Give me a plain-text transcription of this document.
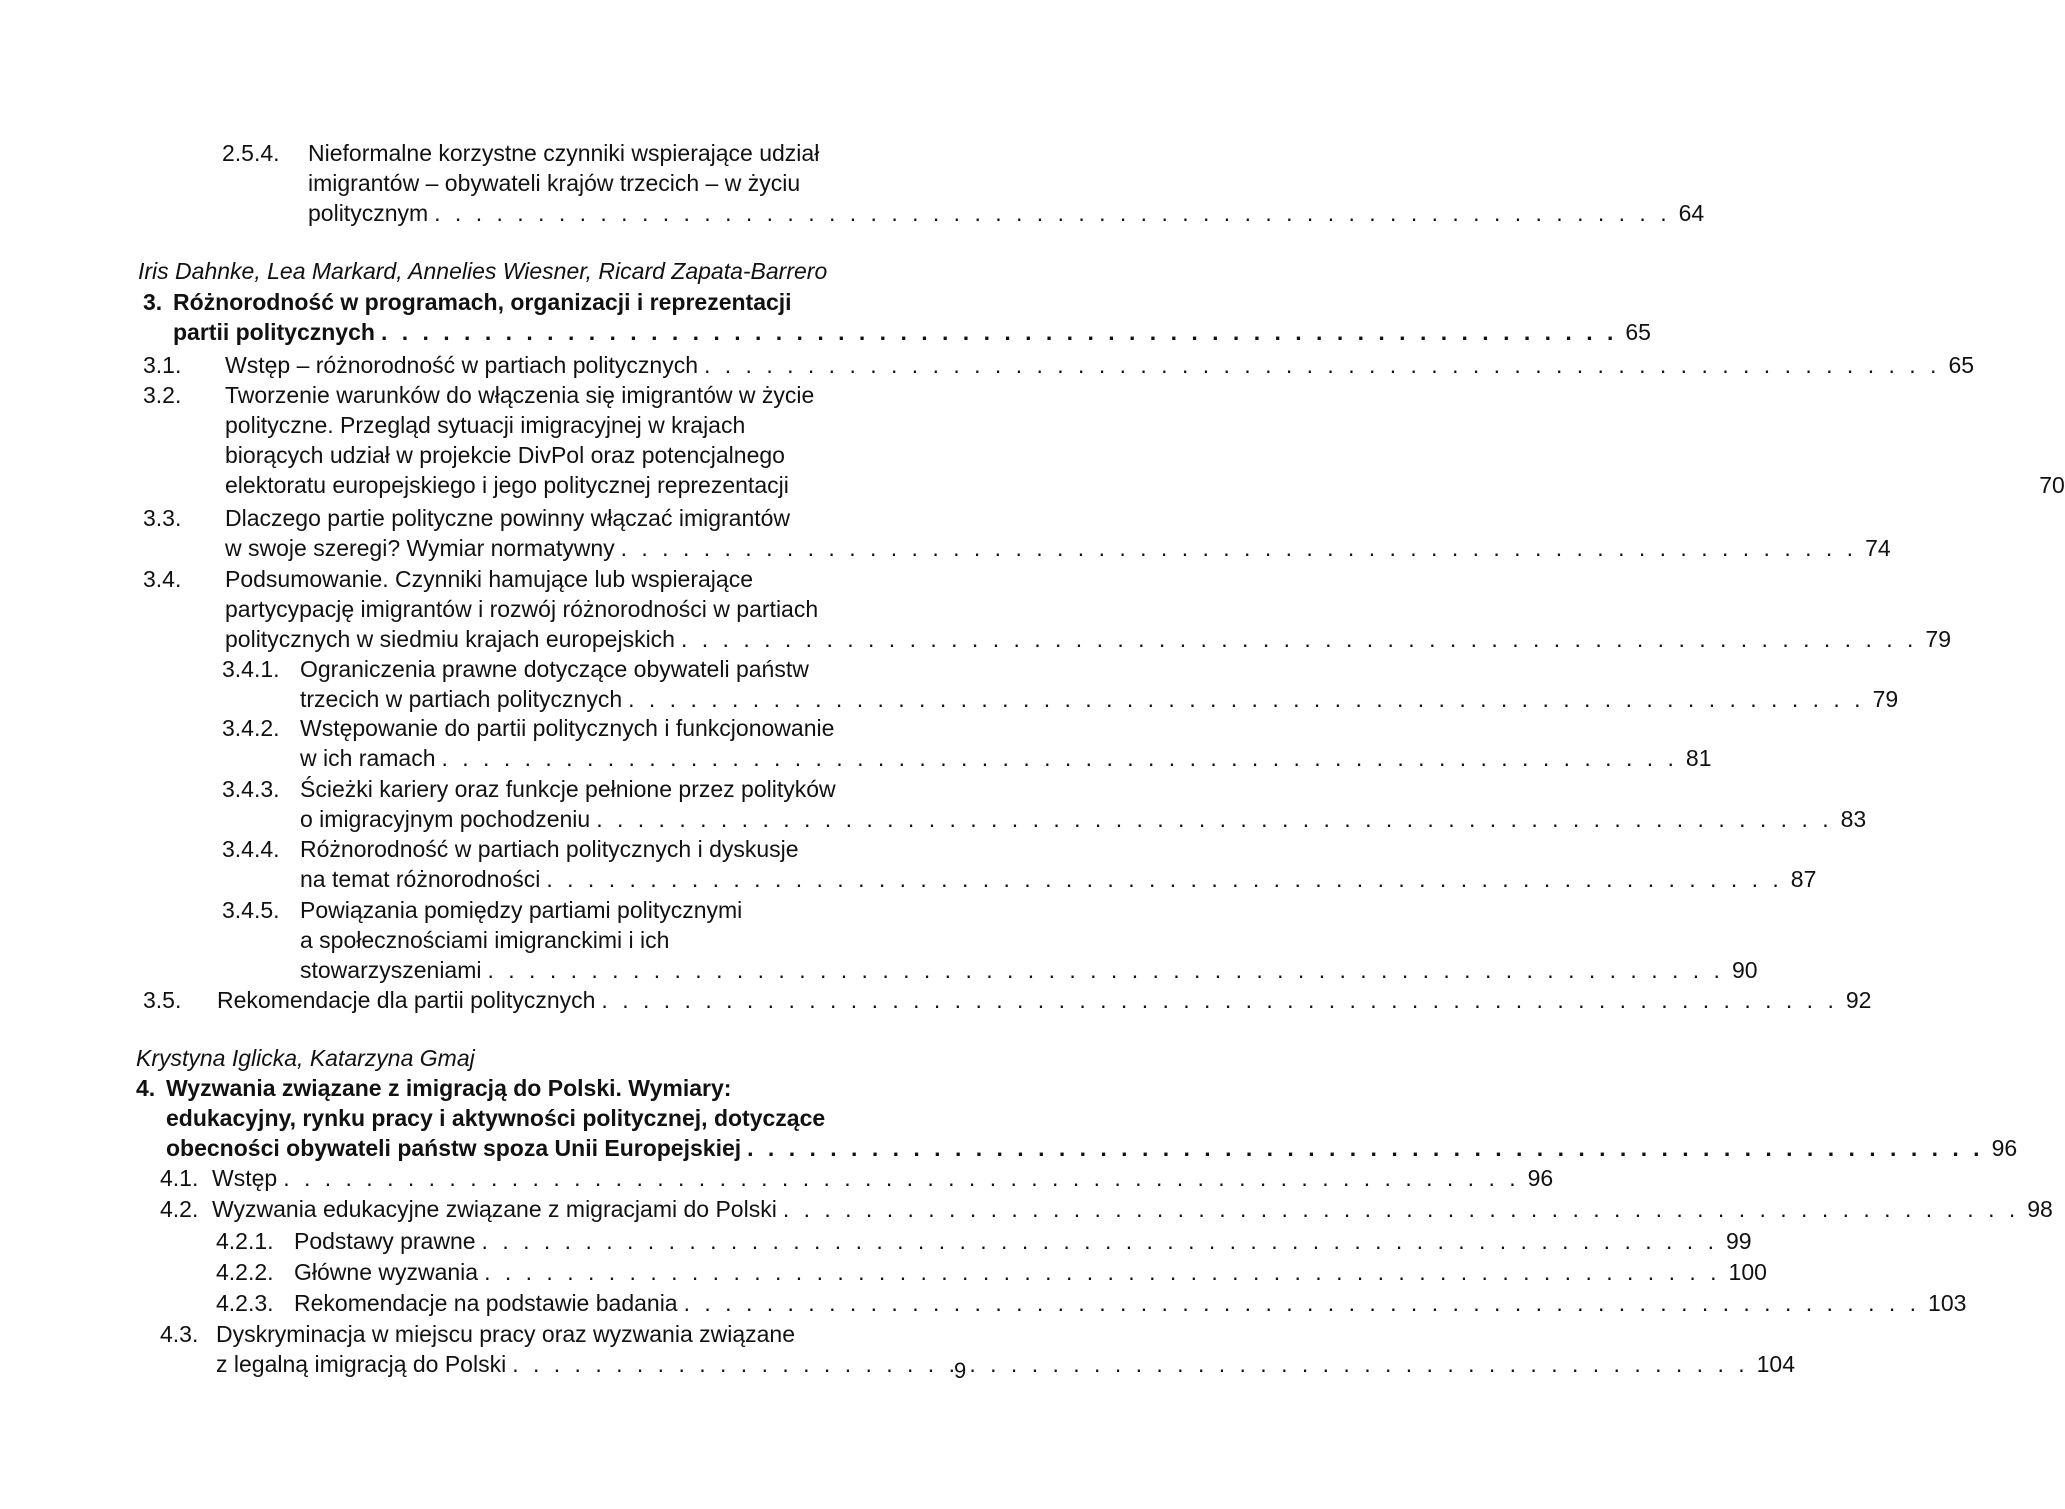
2.5.4.	Nieformalne korzystne czynniki wspierające udział
imigrantów – obywateli krajów trzecich – w życiu
politycznym . . .	64
Iris Dahnke, Lea Markard, Annelies Wiesner, Ricard Zapata-Barrero
3. Różnorodność w programach, organizacji i reprezentacji
partii politycznych . . .	65
3.1.	Wstęp – różnorodność w partiach politycznych . . .	65
3.2.	Tworzenie warunków do włączenia się imigrantów w życie
polityczne. Przegląd sytuacji imigracyjnej w krajach
biorących udział w projekcie DivPol oraz potencjalnego
elektoratu europejskiego i jego politycznej reprezentacji	70
3.3.	Dlaczego partie polityczne powinny włączać imigrantów
w swoje szeregi? Wymiar normatywny . . .	74
3.4.	Podsumowanie. Czynniki hamujące lub wspierające
partycypację imigrantów i rozwój różnorodności w partiach
politycznych w siedmiu krajach europejskich . . .	79
3.4.1. Ograniczenia prawne dotyczące obywateli państw
trzecich w partiach politycznych . . .	79
3.4.2. Wstępowanie do partii politycznych i funkcjonowanie
w ich ramach . . .	81
3.4.3. Ścieżki kariery oraz funkcje pełnione przez polityków
o imigracyjnym pochodzeniu . . .	83
3.4.4. Różnorodność w partiach politycznych i dyskusje
na temat różnorodności . . .	87
3.4.5. Powiązania pomiędzy partiami politycznymi
a społecznościami imigranckimi i ich
stowarzyszeniami . . .	90
3.5.	Rekomendacje dla partii politycznych . . .	92
Krystyna Iglicka, Katarzyna Gmaj
4. Wyzwania związane z imigracją do Polski. Wymiary:
edukacyjny, rynku pracy i aktywności politycznej, dotyczące
obecności obywateli państw spoza Unii Europejskiej . . .	96
4.1. Wstęp . . .	96
4.2. Wyzwania edukacyjne związane z migracjami do Polski . . .	98
4.2.1. Podstawy prawne . . .	99
4.2.2. Główne wyzwania . . .	100
4.2.3. Rekomendacje na podstawie badania . . .	103
4.3. Dyskryminacja w miejscu pracy oraz wyzwania związane
z legalną imigracją do Polski . . .	104
9
